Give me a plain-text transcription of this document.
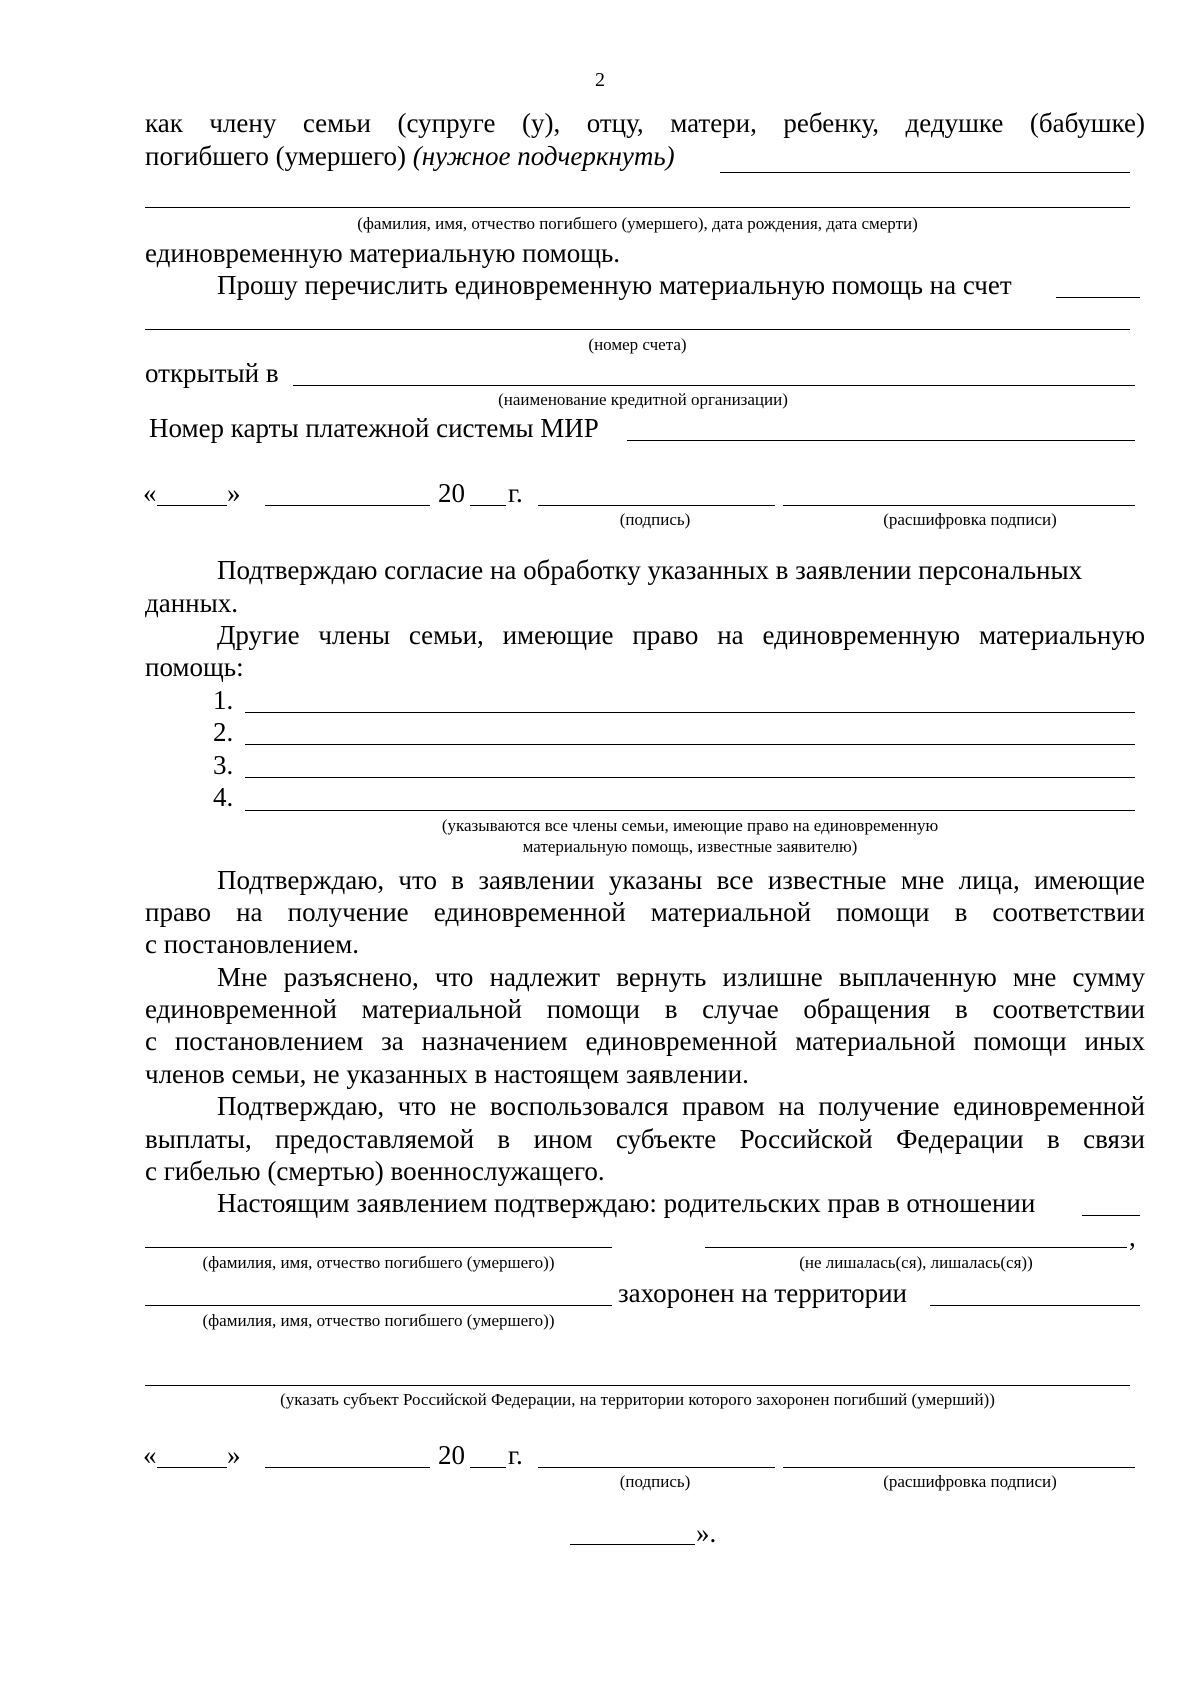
2
как члену семьи (супруге (у), отцу, матери, ребенку, дедушке (бабушке)
погибшего (умершего) (нужное подчеркнуть)
(фамилия, имя, отчество погибшего (умершего), дата рождения, дата смерти)
единовременную материальную помощь.
Прошу перечислить единовременную материальную помощь на счет
(номер счета)
открытый в
(наименование кредитной организации)
Номер карты платежной системы МИР
«	»	20 г.
(подпись)	(расшифровка подписи)
Подтверждаю согласие на обработку указанных в заявлении персональных
данных.
Другие члены семьи, имеющие право на единовременную материальную
помощь:
1.
2.
3.
4.
(указываются все члены семьи, имеющие право на единовременную
материальную помощь, известные заявителю)
Подтверждаю, что в заявлении указаны все известные мне лица, имеющие
право на получение единовременной материальной помощи в соответствии
с постановлением.
Мне разъяснено, что надлежит вернуть излишне выплаченную мне сумму
единовременной материальной помощи в случае обращения в соответствии
с постановлением за назначением единовременной материальной помощи иных
членов семьи, не указанных в настоящем заявлении.
Подтверждаю, что не воспользовался правом на получение единовременной
выплаты, предоставляемой в ином субъекте Российской Федерации в связи
с гибелью (смертью) военнослужащего.
Настоящим заявлением подтверждаю: родительских прав в отношении
,
(фамилия, имя, отчество погибшего (умершего))	(не лишалась(ся), лишалась(ся))
захоронен на территории
(фамилия, имя, отчество погибшего (умершего))
(указать субъект Российской Федерации, на территории которого захоронен погибший (умерший))
«	»	20 г.
(подпись)	(расшифровка подписи)
».
